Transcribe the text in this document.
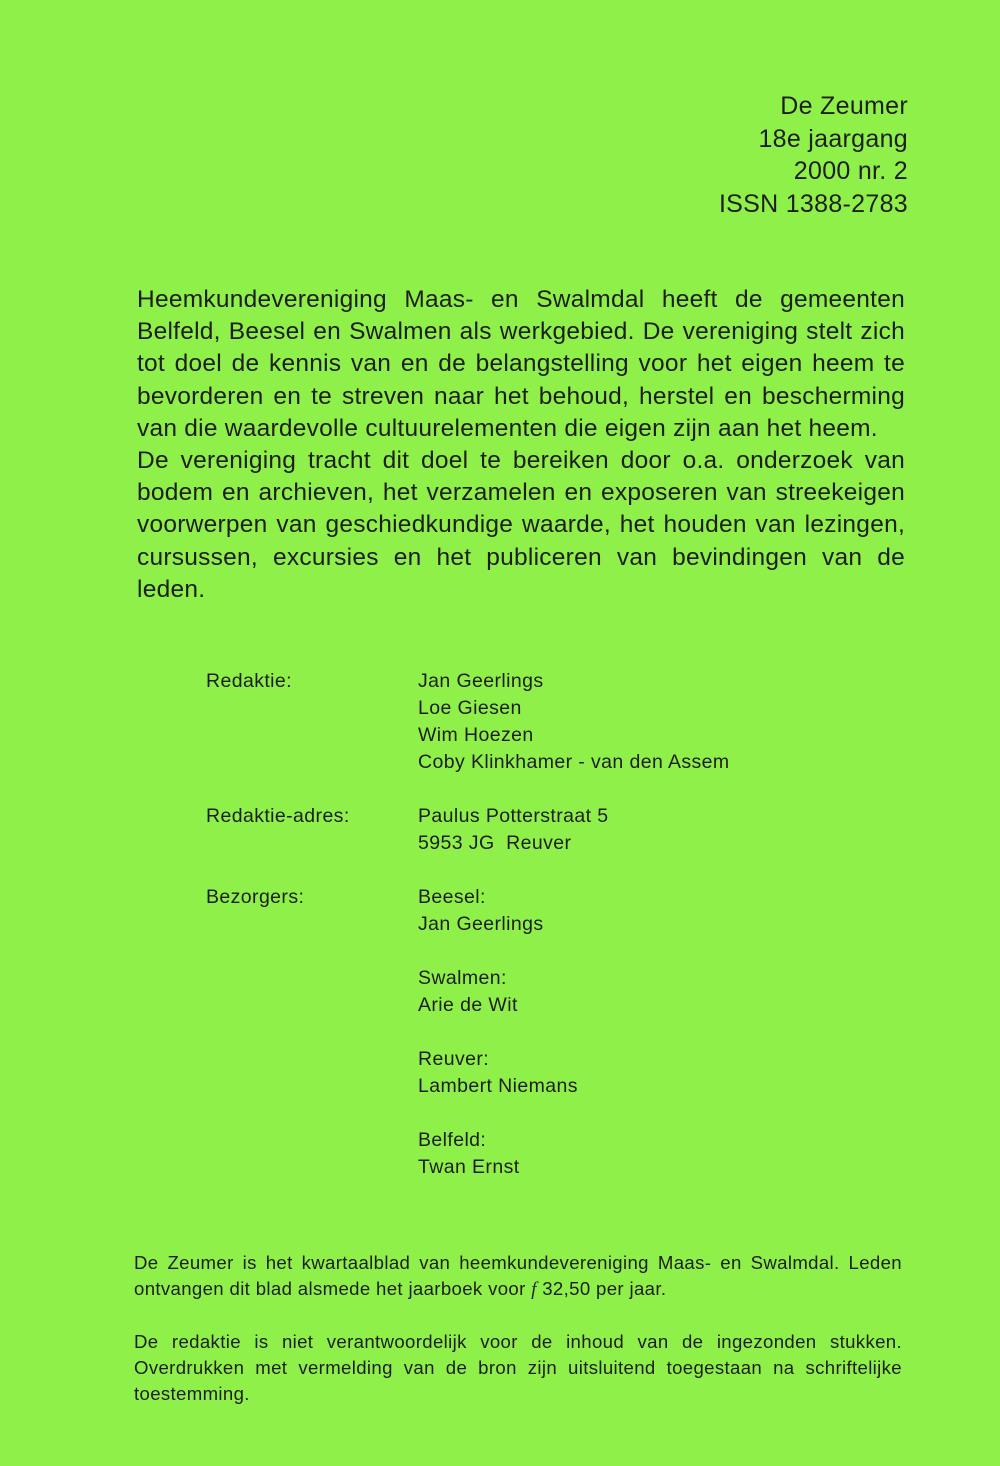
De Zeumer
18e jaargang
2000 nr. 2
ISSN 1388-2783

Heemkundevereniging Maas- en Swalmdal heeft de gemeenten Belfeld, Beesel en Swalmen als werkgebied. De vereniging stelt zich tot doel de kennis van en de belangstelling voor het eigen heem te bevorderen en te streven naar het behoud, herstel en bescherming van die waardevolle cultuurelementen die eigen zijn aan het heem.

De vereniging tracht dit doel te bereiken door o.a. onderzoek van bodem en archieven, het verzamelen en exposeren van streekeigen voorwerpen van geschiedkundige waarde, het houden van lezingen, cursussen, excursies en het publiceren van bevindingen van de leden.

Redaktie:	Jan Geerlings
Loe Giesen
Wim Hoezen
Coby Klinkhamer - van den Assem
Redaktie-adres:	Paulus Potterstraat 5
5953 JG  Reuver
Bezorgers:	Beesel:
Jan Geerlings
Swalmen:
Arie de Wit
Reuver:
Lambert Niemans
Belfeld:
Twan Ernst

De Zeumer is het kwartaalblad van heemkundevereniging Maas- en Swalmdal. Leden ontvangen dit blad alsmede het jaarboek voor f 32,50 per jaar.

De redaktie is niet verantwoordelijk voor de inhoud van de ingezonden stukken. Overdrukken met vermelding van de bron zijn uitsluitend toegestaan na schriftelijke toestemming.
